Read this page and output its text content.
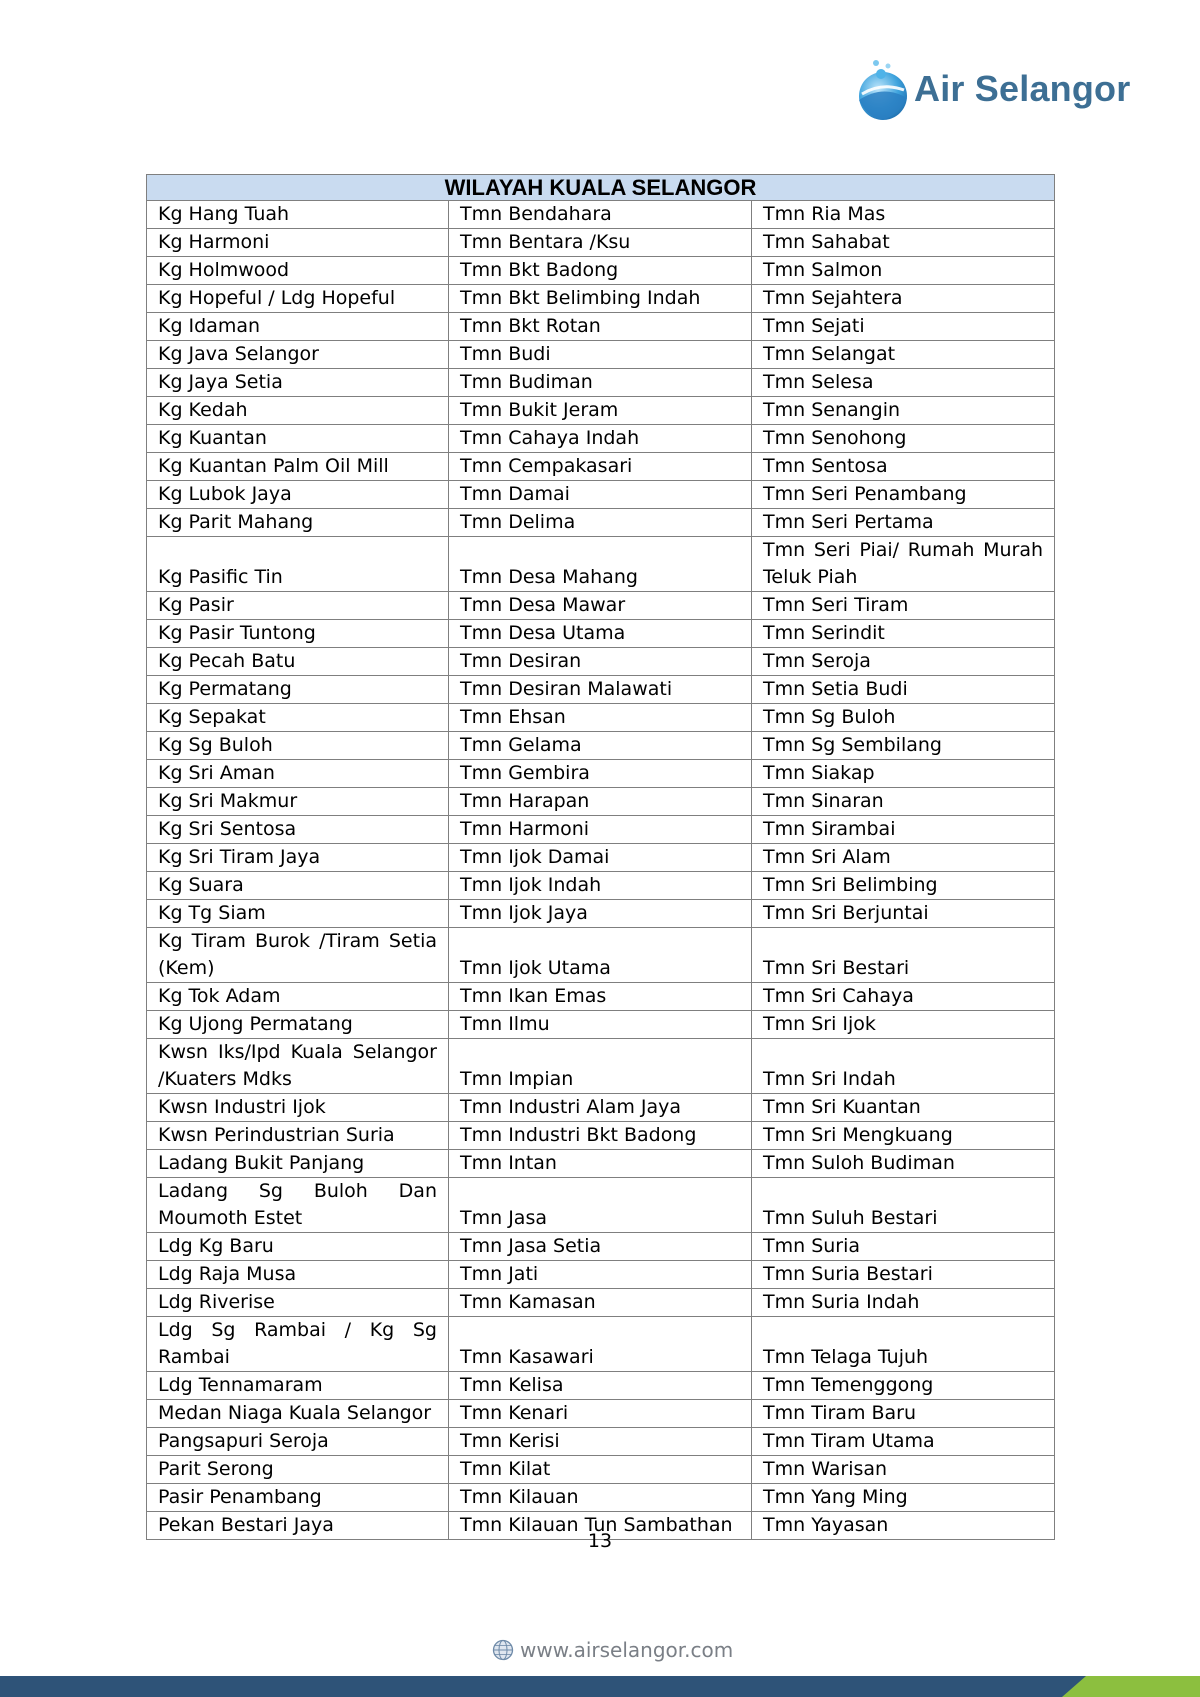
Air Selangor
WILAYAH KUALA SELANGOR		
Kg Hang Tuah	Tmn Bendahara	Tmn Ria Mas
Kg Harmoni	Tmn Bentara /Ksu	Tmn Sahabat
Kg Holmwood	Tmn Bkt Badong	Tmn Salmon
Kg Hopeful / Ldg Hopeful	Tmn Bkt Belimbing Indah	Tmn Sejahtera
Kg Idaman	Tmn Bkt Rotan	Tmn Sejati
Kg Java Selangor	Tmn Budi	Tmn Selangat
Kg Jaya Setia	Tmn Budiman	Tmn Selesa
Kg Kedah	Tmn Bukit Jeram	Tmn Senangin
Kg Kuantan	Tmn Cahaya Indah	Tmn Senohong
Kg Kuantan Palm Oil Mill	Tmn Cempakasari	Tmn Sentosa
Kg Lubok Jaya	Tmn Damai	Tmn Seri Penambang
Kg Parit Mahang	Tmn Delima	Tmn Seri Pertama
Kg Pasific Tin	Tmn Desa Mahang	Tmn Seri Piai/ Rumah Murah Teluk Piah
Kg Pasir	Tmn Desa Mawar	Tmn Seri Tiram
Kg Pasir Tuntong	Tmn Desa Utama	Tmn Serindit
Kg Pecah Batu	Tmn Desiran	Tmn Seroja
Kg Permatang	Tmn Desiran Malawati	Tmn Setia Budi
Kg Sepakat	Tmn Ehsan	Tmn Sg Buloh
Kg Sg Buloh	Tmn Gelama	Tmn Sg Sembilang
Kg Sri Aman	Tmn Gembira	Tmn Siakap
Kg Sri Makmur	Tmn Harapan	Tmn Sinaran
Kg Sri Sentosa	Tmn Harmoni	Tmn Sirambai
Kg Sri Tiram Jaya	Tmn Ijok Damai	Tmn Sri Alam
Kg Suara	Tmn Ijok Indah	Tmn Sri Belimbing
Kg Tg Siam	Tmn Ijok Jaya	Tmn Sri Berjuntai
Kg Tiram Burok /Tiram Setia (Kem)	Tmn Ijok Utama	Tmn Sri Bestari
Kg Tok Adam	Tmn Ikan Emas	Tmn Sri Cahaya
Kg Ujong Permatang	Tmn Ilmu	Tmn Sri Ijok
Kwsn Iks/Ipd Kuala Selangor /Kuaters Mdks	Tmn Impian	Tmn Sri Indah
Kwsn Industri Ijok	Tmn Industri Alam Jaya	Tmn Sri Kuantan
Kwsn Perindustrian Suria	Tmn Industri Bkt Badong	Tmn Sri Mengkuang
Ladang Bukit Panjang	Tmn Intan	Tmn Suloh Budiman
Ladang Sg Buloh Dan Moumoth Estet	Tmn Jasa	Tmn Suluh Bestari
Ldg Kg Baru	Tmn Jasa Setia	Tmn Suria
Ldg Raja Musa	Tmn Jati	Tmn Suria Bestari
Ldg Riverise	Tmn Kamasan	Tmn Suria Indah
Ldg Sg Rambai / Kg Sg Rambai	Tmn Kasawari	Tmn Telaga Tujuh
Ldg Tennamaram	Tmn Kelisa	Tmn Temenggong
Medan Niaga Kuala Selangor	Tmn Kenari	Tmn Tiram Baru
Pangsapuri Seroja	Tmn Kerisi	Tmn Tiram Utama
Parit Serong	Tmn Kilat	Tmn Warisan
Pasir Penambang	Tmn Kilauan	Tmn Yang Ming
Pekan Bestari Jaya	Tmn Kilauan Tun Sambathan	Tmn Yayasan
13
www.airselangor.com
